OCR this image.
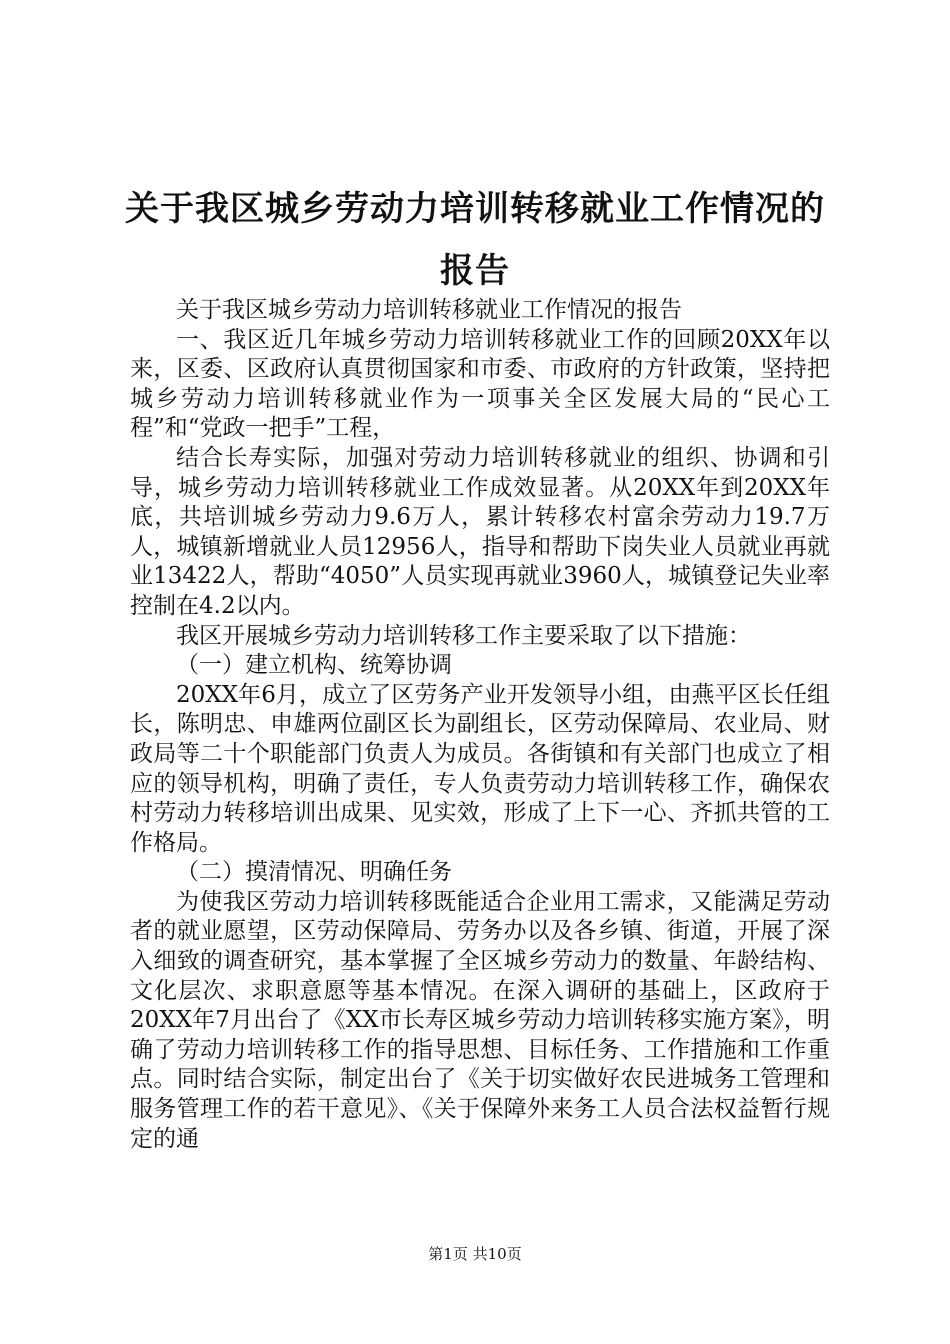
关于我区城乡劳动力培训转移就业工作情况的
报告

关于我区城乡劳动力培训转移就业工作情况的报告

一、我区近几年城乡劳动力培训转移就业工作的回顾20XX年以来，区委、区政府认真贯彻国家和市委、市政府的方针政策，坚持把城乡劳动力培训转移就业作为一项事关全区发展大局的“民心工程”和“党政一把手”工程，

结合长寿实际，加强对劳动力培训转移就业的组织、协调和引导，城乡劳动力培训转移就业工作成效显著。从20XX年到20XX年底，共培训城乡劳动力9.6万人，累计转移农村富余劳动力19.7万人，城镇新增就业人员12956人，指导和帮助下岗失业人员就业再就业13422人，帮助“4050”人员实现再就业3960人，城镇登记失业率控制在4.2以内。

我区开展城乡劳动力培训转移工作主要采取了以下措施：

（一）建立机构、统筹协调

20XX年6月，成立了区劳务产业开发领导小组，由燕平区长任组长，陈明忠、申雄两位副区长为副组长，区劳动保障局、农业局、财政局等二十个职能部门负责人为成员。各街镇和有关部门也成立了相应的领导机构，明确了责任，专人负责劳动力培训转移工作，确保农村劳动力转移培训出成果、见实效，形成了上下一心、齐抓共管的工作格局。

（二）摸清情况、明确任务

为使我区劳动力培训转移既能适合企业用工需求，又能满足劳动者的就业愿望，区劳动保障局、劳务办以及各乡镇、街道，开展了深入细致的调查研究，基本掌握了全区城乡劳动力的数量、年龄结构、文化层次、求职意愿等基本情况。在深入调研的基础上，区政府于20XX年7月出台了《XX市长寿区城乡劳动力培训转移实施方案》，明确了劳动力培训转移工作的指导思想、目标任务、工作措施和工作重点。同时结合实际，制定出台了《关于切实做好农民进城务工管理和服务管理工作的若干意见》、《关于保障外来务工人员合法权益暂行规定的通

第1页 共10页
